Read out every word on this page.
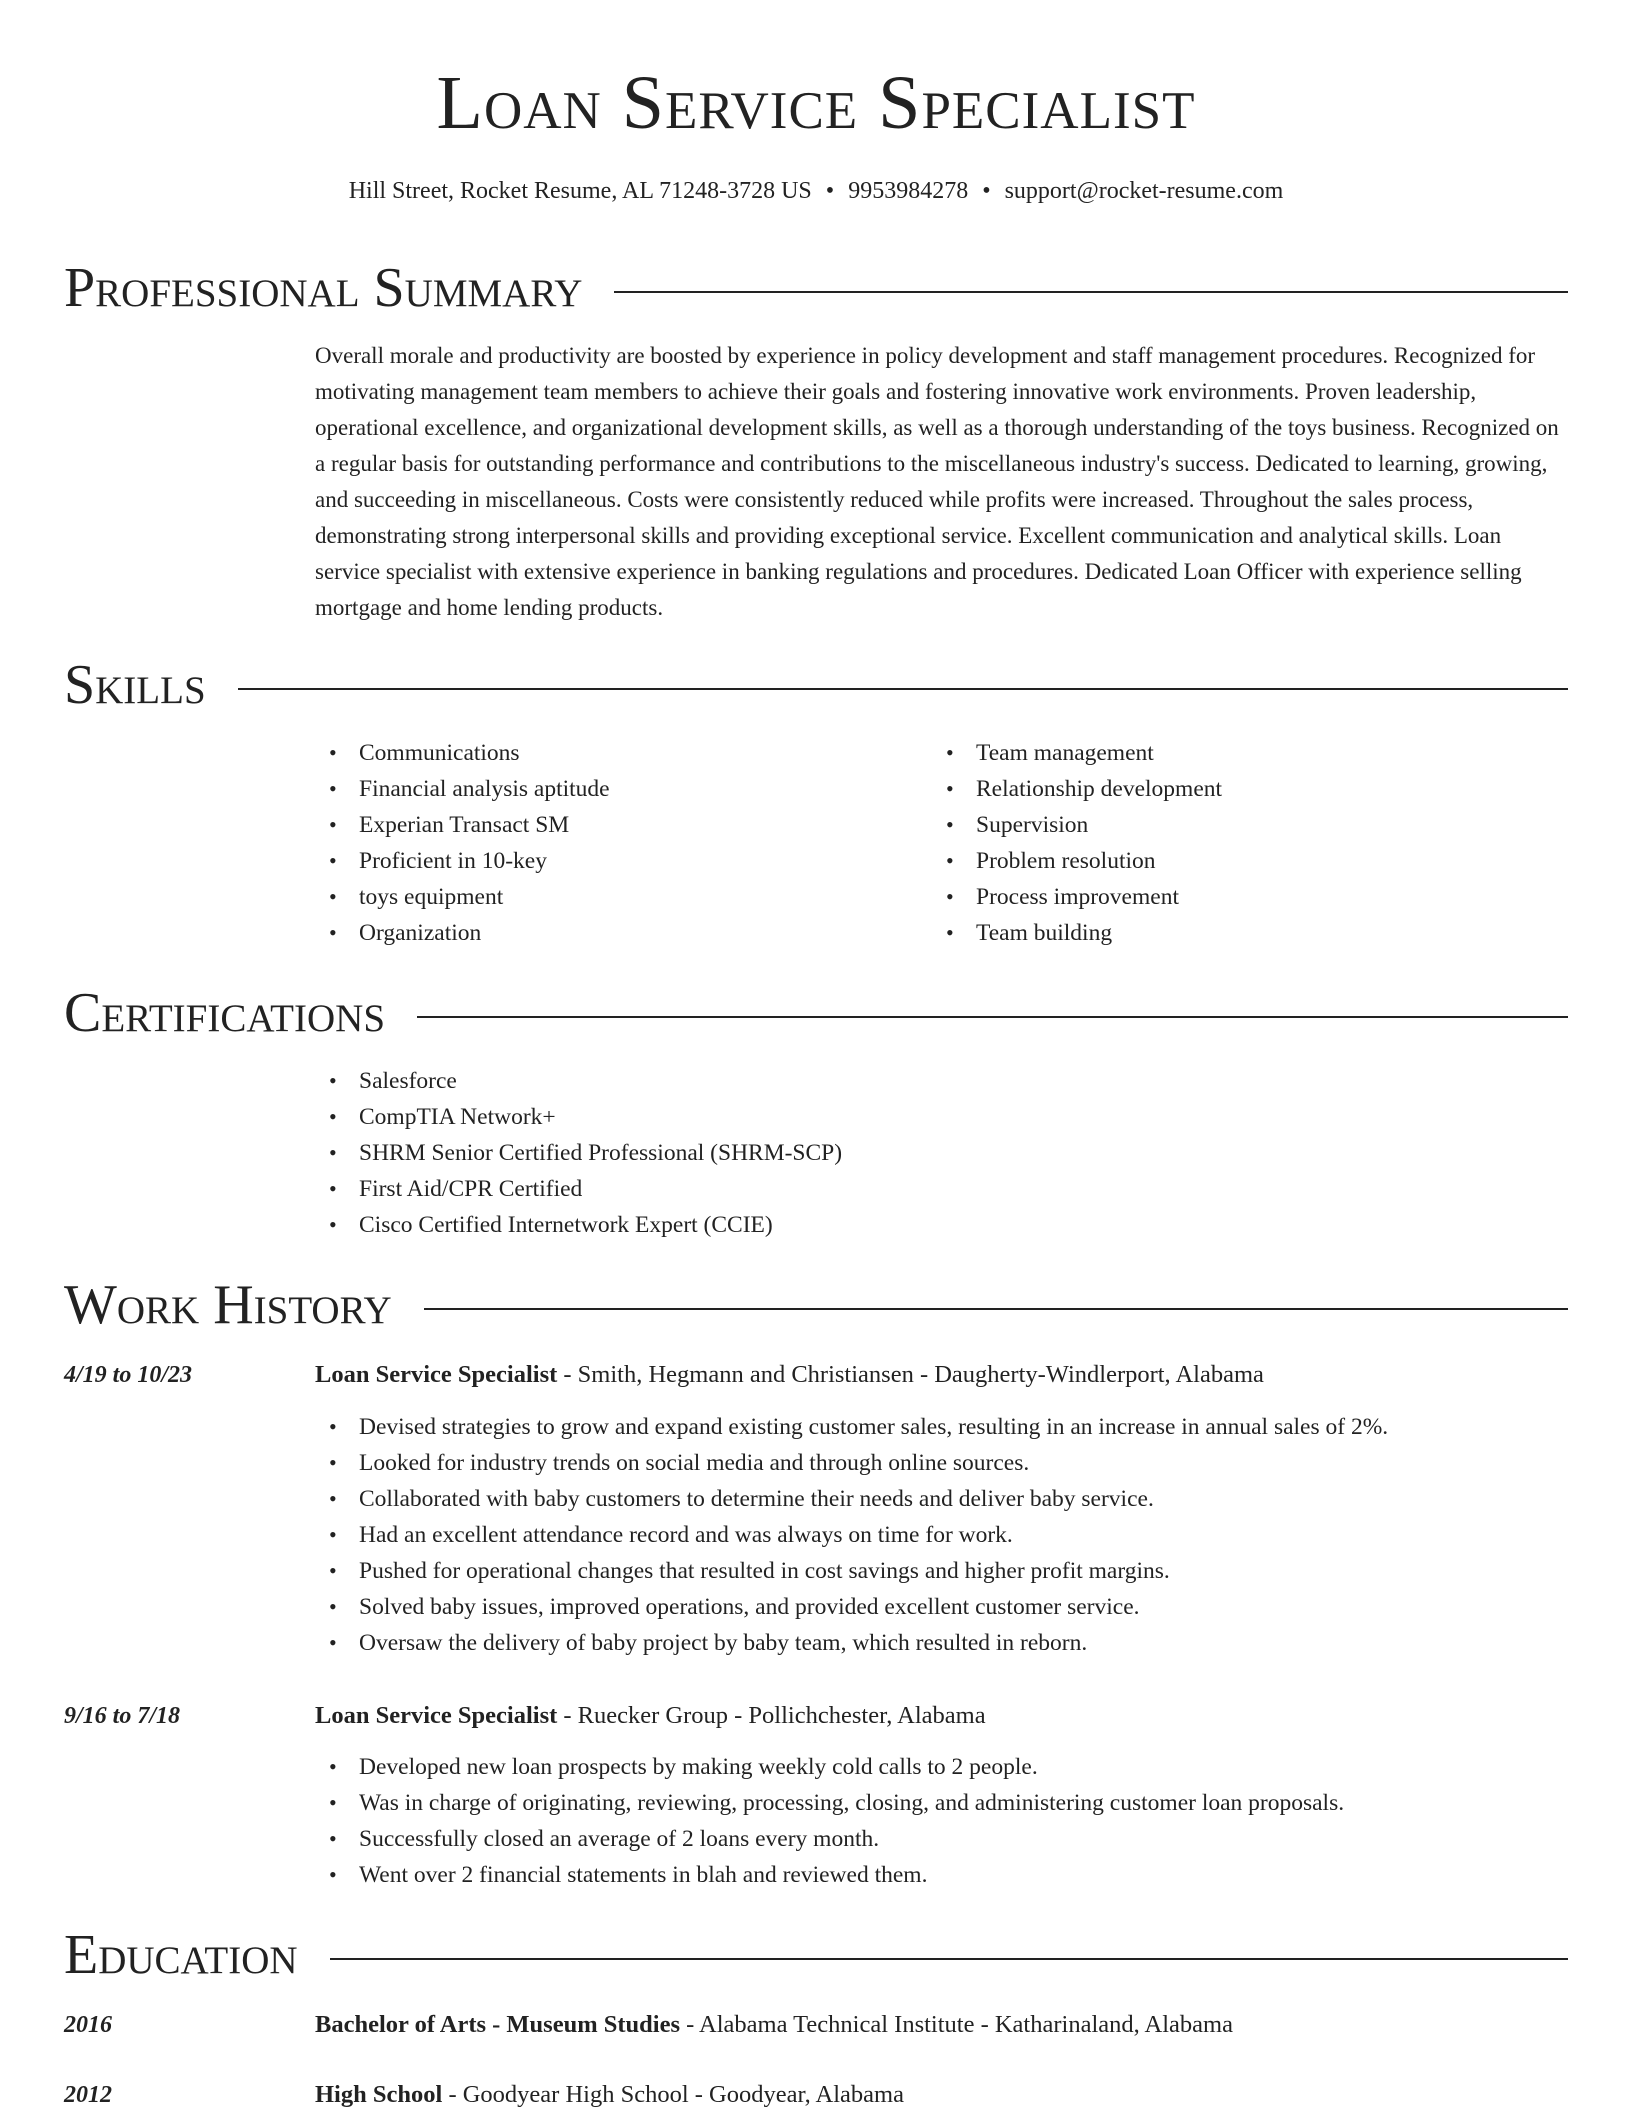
Loan Service Specialist
Hill Street, Rocket Resume, AL 71248-3728 US • 9953984278 • support@rocket-resume.com
Professional Summary

Overall morale and productivity are boosted by experience in policy development and staff management procedures. Recognized for motivating management team members to achieve their goals and fostering innovative work environments. Proven leadership, operational excellence, and organizational development skills, as well as a thorough understanding of the toys business. Recognized on a regular basis for outstanding performance and contributions to the miscellaneous industry's success. Dedicated to learning, growing, and succeeding in miscellaneous. Costs were consistently reduced while profits were increased. Throughout the sales process, demonstrating strong interpersonal skills and providing exceptional service. Excellent communication and analytical skills. Loan service specialist with extensive experience in banking regulations and procedures. Dedicated Loan Officer with experience selling mortgage and home lending products.

Skills
• Communications
• Financial analysis aptitude
• Experian Transact SM
• Proficient in 10-key
• toys equipment
• Organization
• Team management
• Relationship development
• Supervision
• Problem resolution
• Process improvement
• Team building
Certifications
• Salesforce
• CompTIA Network+
• SHRM Senior Certified Professional (SHRM-SCP)
• First Aid/CPR Certified
• Cisco Certified Internetwork Expert (CCIE)
Work History
4/19 to 10/23	Loan Service Specialist - Smith, Hegmann and Christiansen - Daugherty-Windlerport, Alabama
• Devised strategies to grow and expand existing customer sales, resulting in an increase in annual sales of 2%.
• Looked for industry trends on social media and through online sources.
• Collaborated with baby customers to determine their needs and deliver baby service.
• Had an excellent attendance record and was always on time for work.
• Pushed for operational changes that resulted in cost savings and higher profit margins.
• Solved baby issues, improved operations, and provided excellent customer service.
• Oversaw the delivery of baby project by baby team, which resulted in reborn.
9/16 to 7/18	Loan Service Specialist - Ruecker Group - Pollichchester, Alabama
• Developed new loan prospects by making weekly cold calls to 2 people.
• Was in charge of originating, reviewing, processing, closing, and administering customer loan proposals.
• Successfully closed an average of 2 loans every month.
• Went over 2 financial statements in blah and reviewed them.
Education
2016	Bachelor of Arts - Museum Studies - Alabama Technical Institute - Katharinaland, Alabama
2012	High School - Goodyear High School - Goodyear, Alabama
